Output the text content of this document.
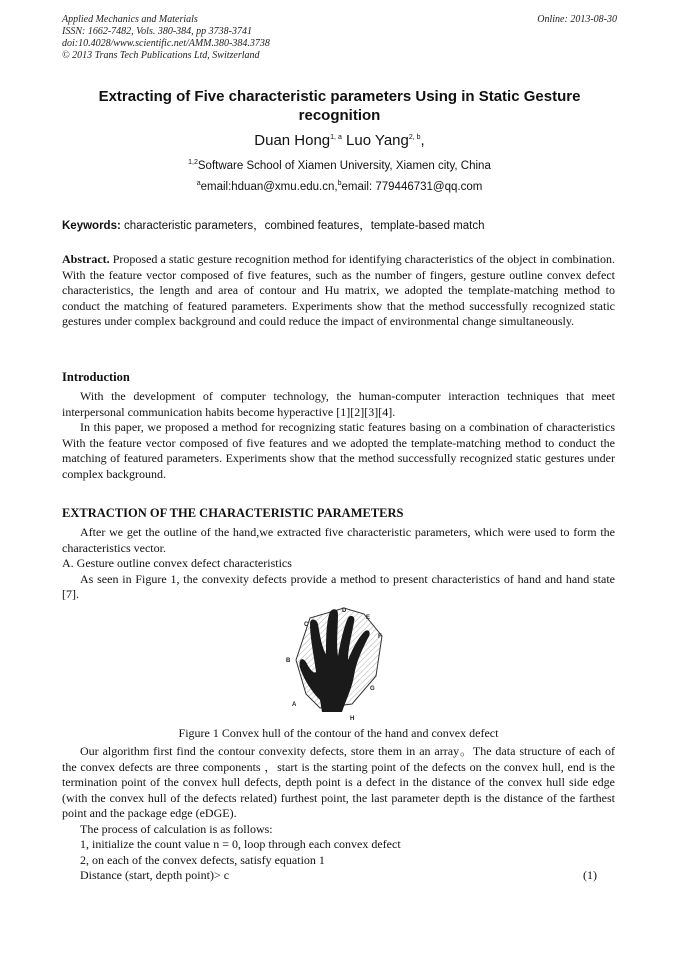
Applied Mechanics and Materials
ISSN: 1662-7482, Vols. 380-384, pp 3738-3741
doi:10.4028/www.scientific.net/AMM.380-384.3738
© 2013 Trans Tech Publications Ltd, Switzerland
Online: 2013-08-30
Extracting of Five characteristic parameters Using in Static Gesture recognition
Duan Hong$^{1, a}$ Luo Yang$^{2, b}$,
$^{1,2}$Software School of Xiamen University, Xiamen city, China
$^a$email:hduan@xmu.edu.cn,$^b$email: 779446731@qq.com
Keywords: characteristic parameters，combined features，template-based match
Abstract. Proposed a static gesture recognition method for identifying characteristics of the object in combination. With the feature vector composed of five features, such as the number of fingers, gesture outline convex defect characteristics, the length and area of contour and Hu matrix, we adopted the template-matching method to conduct the matching of featured parameters. Experiments show that the method successfully recognized static gestures under complex background and could reduce the impact of environmental change simultaneously.
Introduction

With the development of computer technology, the human-computer interaction techniques that meet interpersonal communication habits become hyperactive [1][2][3][4].

In this paper, we proposed a method for recognizing static features basing on a combination of characteristics With the feature vector composed of five features and we adopted the template-matching method to conduct the matching of featured parameters. Experiments show that the method successfully recognized static gestures under complex background.

EXTRACTION OF THE CHARACTERISTIC PARAMETERS

After we get the outline of the hand,we extracted five characteristic parameters, which were used to form the characteristics vector.

A. Gesture outline convex defect characteristics

As seen in Figure 1, the convexity defects provide a method to present characteristics of hand and hand state [7].

A
B
C
D
E
F
G
H
Figure 1 Convex hull of the contour of the hand and convex defect

Our algorithm first find the contour convexity defects, store them in an array。The data structure of each of the convex defects are three components ，start is the starting point of the defects on the convex hull, end is the termination point of the convex hull defects, depth point is a defect in the distance of the convex hull side edge (with the convex hull of the defects related) furthest point, the last parameter depth is the distance of the farthest point and the package edge (eDGE).

The process of calculation is as follows:

1, initialize the count value n = 0, loop through each convex defect

2, on each of the convex defects, satisfy equation 1

Distance (start, depth point)> c	(1)
